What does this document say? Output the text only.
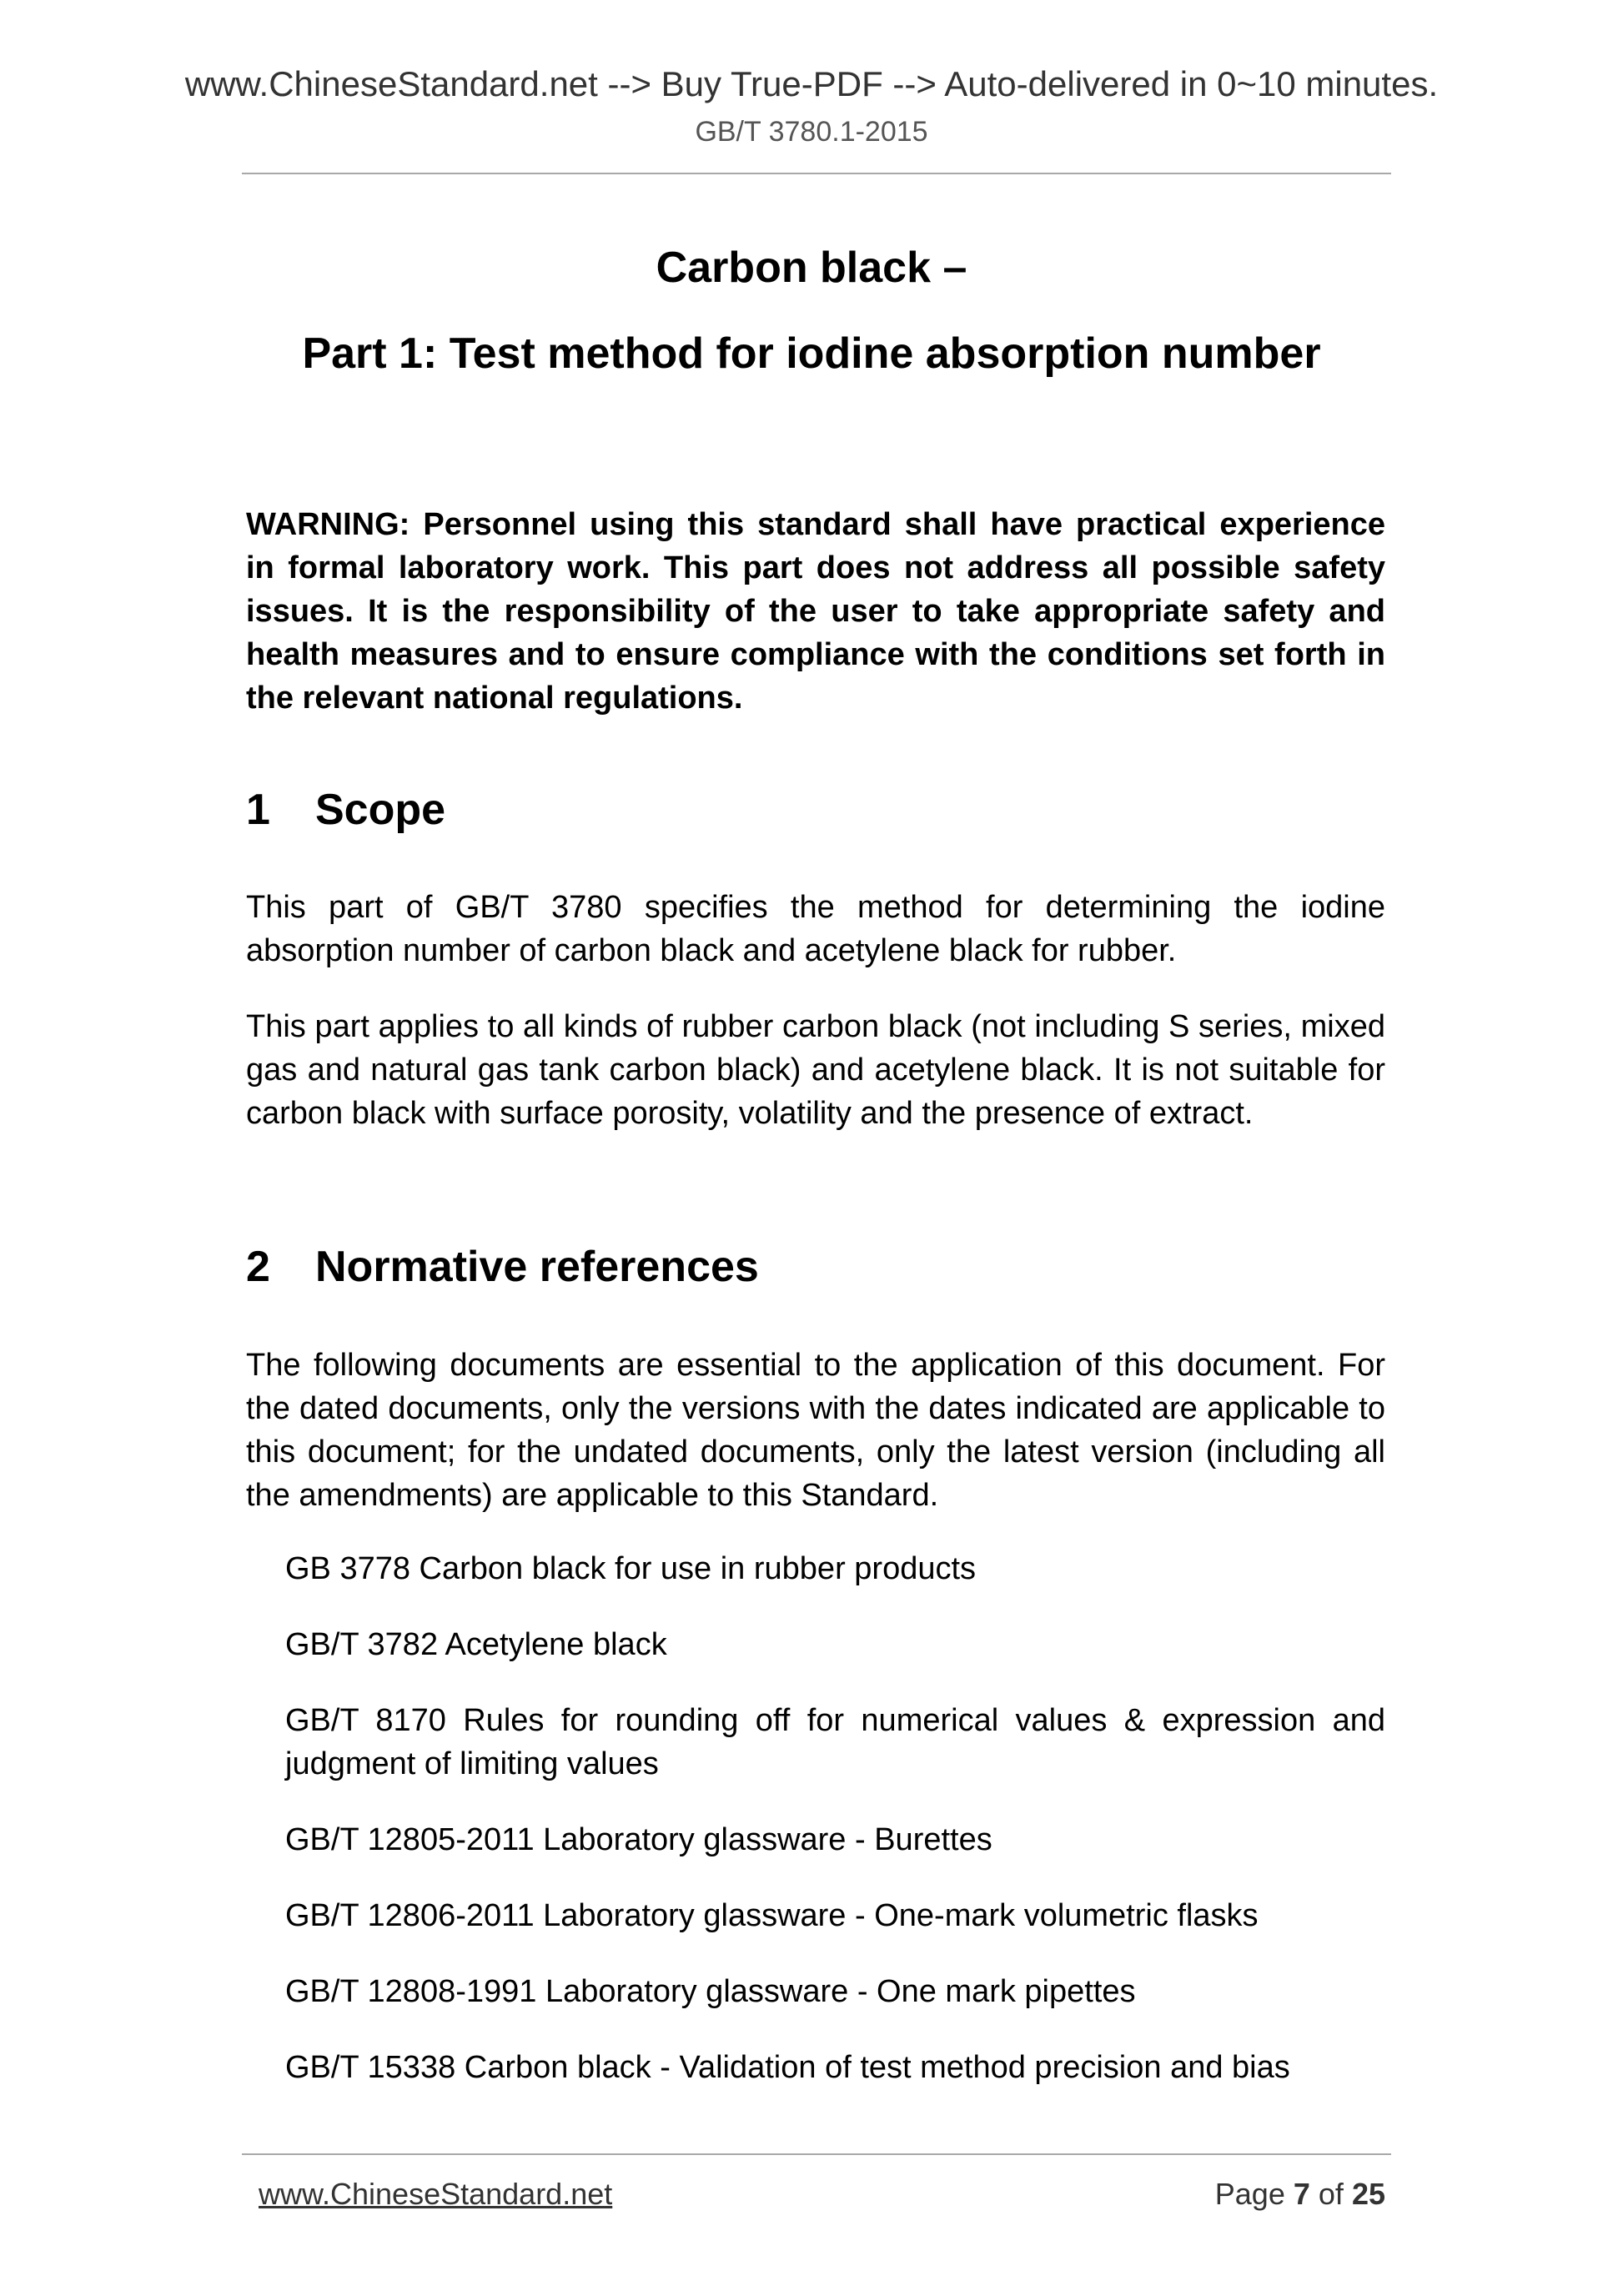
www.ChineseStandard.net --> Buy True-PDF --> Auto-delivered in 0~10 minutes.
GB/T 3780.1-2015
Carbon black –
Part 1: Test method for iodine absorption number
WARNING: Personnel using this standard shall have practical experience in formal laboratory work. This part does not address all possible safety issues. It is the responsibility of the user to take appropriate safety and health measures and to ensure compliance with the conditions set forth in the relevant national regulations.
1 Scope
This part of GB/T 3780 specifies the method for determining the iodine absorption number of carbon black and acetylene black for rubber.
This part applies to all kinds of rubber carbon black (not including S series, mixed gas and natural gas tank carbon black) and acetylene black. It is not suitable for carbon black with surface porosity, volatility and the presence of extract.
2 Normative references
The following documents are essential to the application of this document. For the dated documents, only the versions with the dates indicated are applicable to this document; for the undated documents, only the latest version (including all the amendments) are applicable to this Standard.
GB 3778 Carbon black for use in rubber products
GB/T 3782 Acetylene black
GB/T 8170 Rules for rounding off for numerical values & expression and judgment of limiting values
GB/T 12805-2011 Laboratory glassware - Burettes
GB/T 12806-2011 Laboratory glassware - One-mark volumetric flasks
GB/T 12808-1991 Laboratory glassware - One mark pipettes
GB/T 15338 Carbon black - Validation of test method precision and bias
www.ChineseStandard.net	Page 7 of 25
